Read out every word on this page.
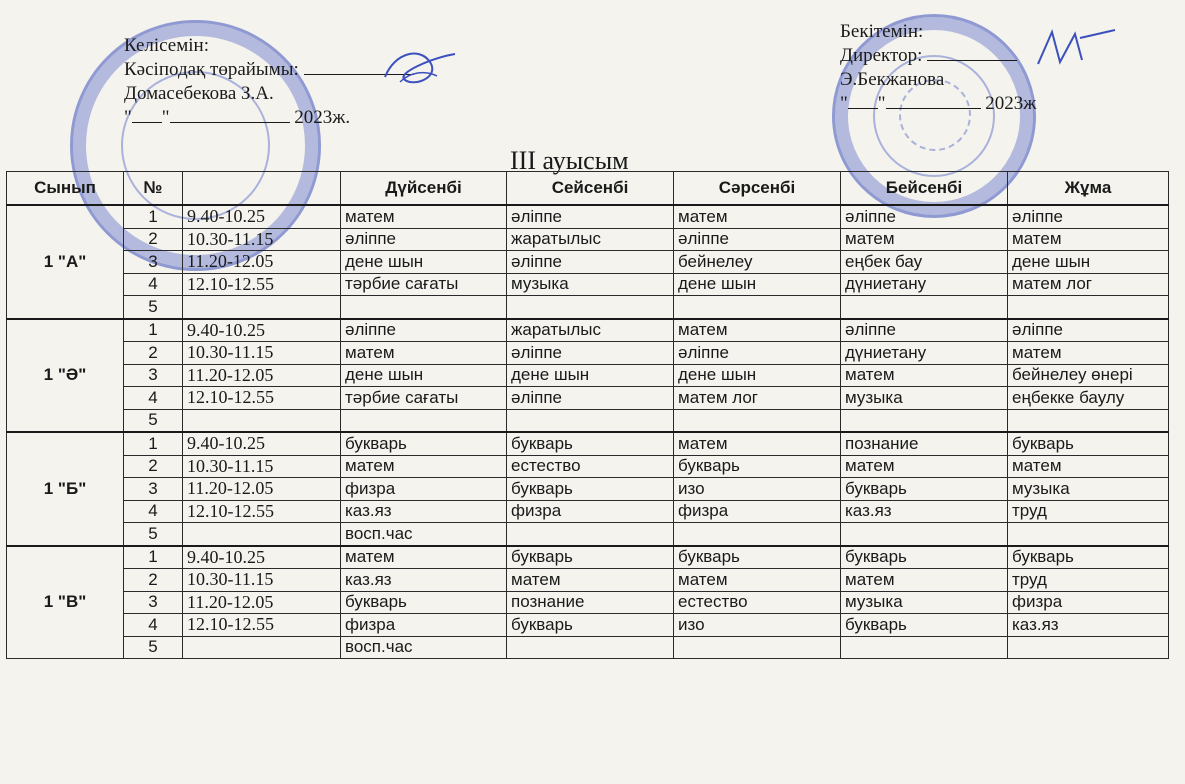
Келісемін:
Кәсіподақ төрайымы:
Домасебекова З.А.
" "	2023ж.
Бекітемін:
Директор:
Э.Бекжанова
" "	2023ж
III ауысым
Сынып	№		Дүйсенбі	Сейсенбі	Сәрсенбі	Бейсенбі	Жұма
1 "А"	1	9.40-10.25	матем	әліппе	матем	әліппе	әліппе
	2	10.30-11.15	әліппе	жаратылыс	әліппе	матем	матем
	3	11.20-12.05	дене шын	әліппе	бейнелеу	еңбек бау	дене шын
	4	12.10-12.55	тәрбие сағаты	музыка	дене шын	дүниетану	матем лог
	5						
1 "Ә"	1	9.40-10.25	әліппе	жаратылыс	матем	әліппе	әліппе
	2	10.30-11.15	матем	әліппе	әліппе	дүниетану	матем
	3	11.20-12.05	дене шын	дене шын	дене шын	матем	бейнелеу өнері
	4	12.10-12.55	тәрбие сағаты	әліппе	матем лог	музыка	еңбекке баулу
	5						
1 "Б"	1	9.40-10.25	букварь	букварь	матем	познание	букварь
	2	10.30-11.15	матем	естество	букварь	матем	матем
	3	11.20-12.05	физра	букварь	изо	букварь	музыка
	4	12.10-12.55	каз.яз	физра	физра	каз.яз	труд
	5		восп.час				
1 "В"	1	9.40-10.25	матем	букварь	букварь	букварь	букварь
	2	10.30-11.15	каз.яз	матем	матем	матем	труд
	3	11.20-12.05	букварь	познание	естество	музыка	физра
	4	12.10-12.55	физра	букварь	изо	букварь	каз.яз
	5		восп.час				
